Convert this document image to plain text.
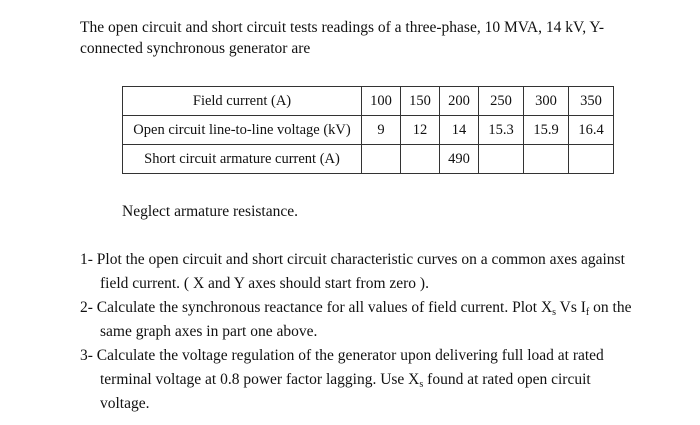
The open circuit and short circuit tests readings of a three-phase, 10 MVA, 14 kV, Y-connected synchronous generator are

Field current (A)	100	150	200	250	300	350
Open circuit line-to-line voltage (kV)	9	12	14	15.3	15.9	16.4
Short circuit armature current (A)			490			

Neglect armature resistance.

1- Plot the open circuit and short circuit characteristic curves on a common axes against
field current. ( X and Y axes should start from zero ).

2- Calculate the synchronous reactance for all values of field current. Plot $X_s$ Vs $I_f$ on the
same graph axes in part one above.

3- Calculate the voltage regulation of the generator upon delivering full load at rated
terminal voltage at 0.8 power factor lagging. Use $X_s$ found at rated open circuit voltage.
